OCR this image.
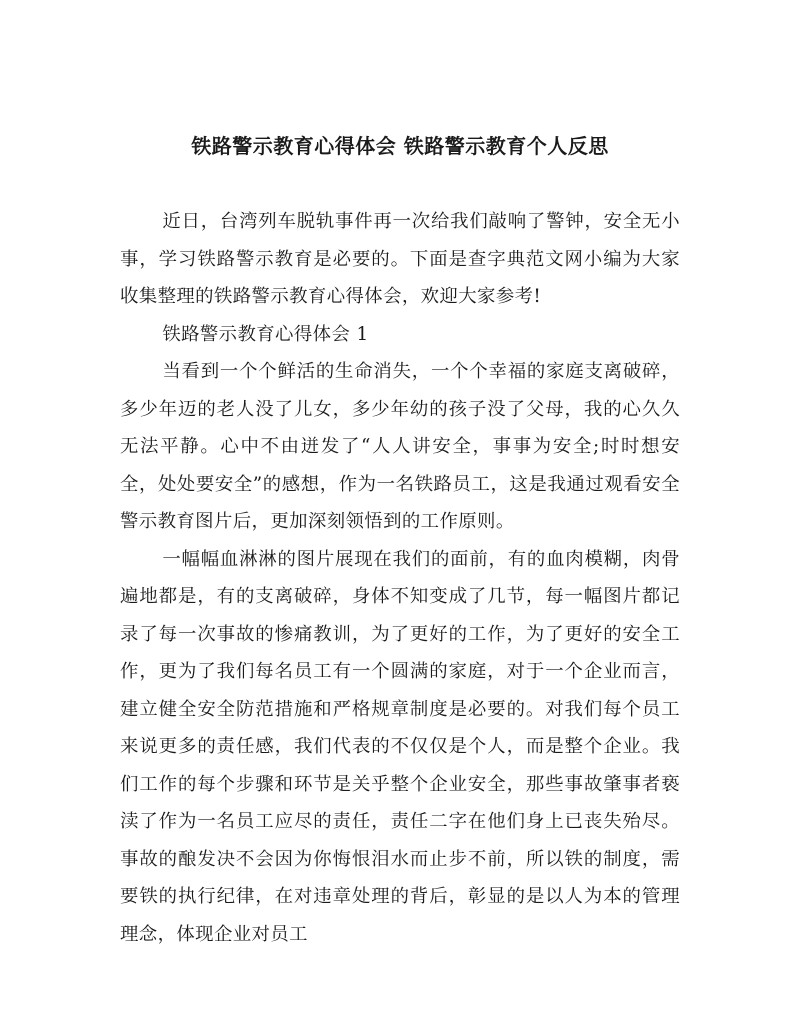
铁路警示教育心得体会 铁路警示教育个人反思

近日，台湾列车脱轨事件再一次给我们敲响了警钟，安全无小事，学习铁路警示教育是必要的。下面是查字典范文网小编为大家收集整理的铁路警示教育心得体会，欢迎大家参考!

铁路警示教育心得体会 1

当看到一个个鲜活的生命消失，一个个幸福的家庭支离破碎，多少年迈的老人没了儿女，多少年幼的孩子没了父母，我的心久久无法平静。心中不由迸发了“人人讲安全，事事为安全;时时想安全，处处要安全”的感想，作为一名铁路员工，这是我通过观看安全警示教育图片后，更加深刻领悟到的工作原则。

一幅幅血淋淋的图片展现在我们的面前，有的血肉模糊，肉骨遍地都是，有的支离破碎，身体不知变成了几节，每一幅图片都记录了每一次事故的惨痛教训，为了更好的工作，为了更好的安全工作，更为了我们每名员工有一个圆满的家庭，对于一个企业而言，建立健全安全防范措施和严格规章制度是必要的。对我们每个员工来说更多的责任感，我们代表的不仅仅是个人，而是整个企业。我们工作的每个步骤和环节是关乎整个企业安全，那些事故肇事者亵渎了作为一名员工应尽的责任，责任二字在他们身上已丧失殆尽。事故的酿发决不会因为你悔恨泪水而止步不前，所以铁的制度，需要铁的执行纪律，在对违章处理的背后，彰显的是以人为本的管理理念，体现企业对员工
